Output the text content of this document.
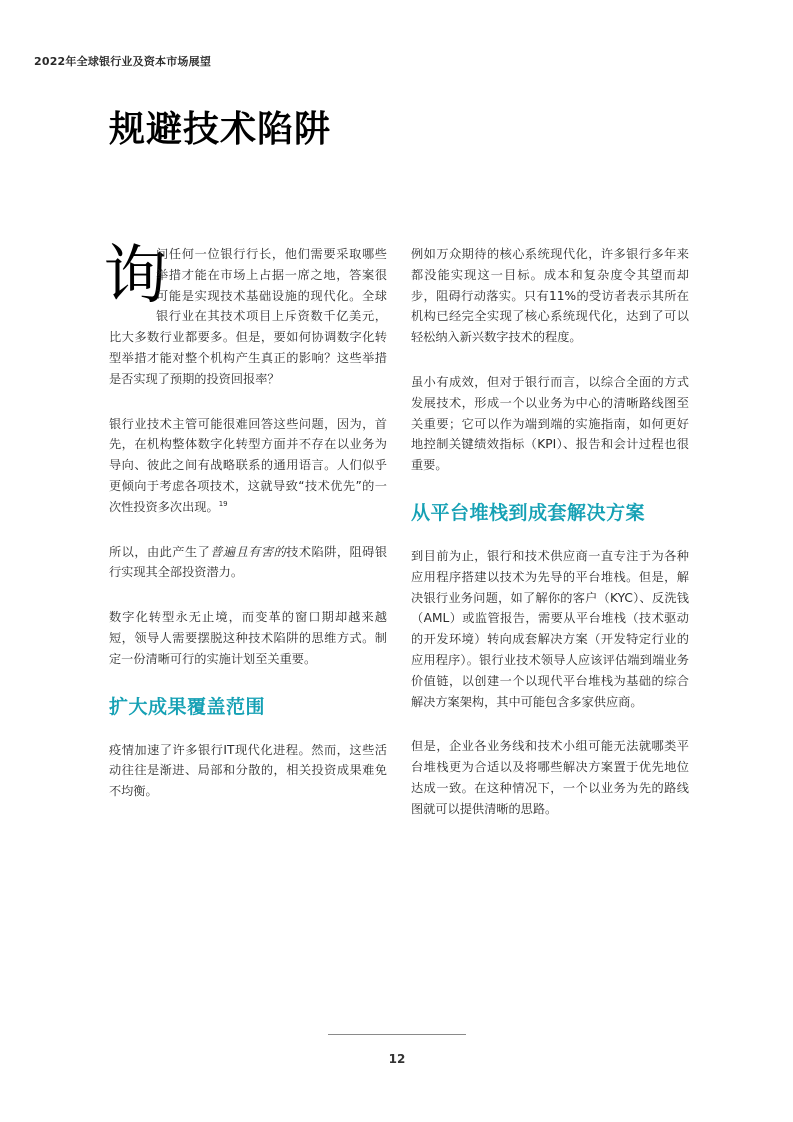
2022年全球银行业及资本市场展望
规避技术陷阱

询
问任何一位银行行长，他们需要采取哪些举措才能在市场上占据一席之地，答案很可能是实现技术基础设施的现代化。全球银行业在其技术项目上斥资数千亿美元，比大多数行业都要多。但是，要如何协调数字化转型举措才能对整个机构产生真正的影响？这些举措是否实现了预期的投资回报率？

银行业技术主管可能很难回答这些问题，因为，首先，在机构整体数字化转型方面并不存在以业务为导向、彼此之间有战略联系的通用语言。人们似乎更倾向于考虑各项技术，这就导致“技术优先”的一次性投资多次出现。$^{19}$

所以，由此产生了普遍且有害的技术陷阱，阻碍银行实现其全部投资潜力。

数字化转型永无止境，而变革的窗口期却越来越短，领导人需要摆脱这种技术陷阱的思维方式。制定一份清晰可行的实施计划至关重要。

扩大成果覆盖范围

疫情加速了许多银行IT现代化进程。然而，这些活动往往是渐进、局部和分散的，相关投资成果难免不均衡。

例如万众期待的核心系统现代化，许多银行多年来都没能实现这一目标。成本和复杂度令其望而却步，阻碍行动落实。只有11%的受访者表示其所在机构已经完全实现了核心系统现代化，达到了可以轻松纳入新兴数字技术的程度。

虽小有成效，但对于银行而言，以综合全面的方式发展技术，形成一个以业务为中心的清晰路线图至关重要；它可以作为端到端的实施指南，如何更好地控制关键绩效指标（KPI）、报告和会计过程也很重要。

从平台堆栈到成套解决方案

到目前为止，银行和技术供应商一直专注于为各种应用程序搭建以技术为先导的平台堆栈。但是，解决银行业务问题，如了解你的客户（KYC）、反洗钱（AML）或监管报告，需要从平台堆栈（技术驱动的开发环境）转向成套解决方案（开发特定行业的应用程序）。银行业技术领导人应该评估端到端业务价值链，以创建一个以现代平台堆栈为基础的综合解决方案架构，其中可能包含多家供应商。

但是，企业各业务线和技术小组可能无法就哪类平台堆栈更为合适以及将哪些解决方案置于优先地位达成一致。在这种情况下，一个以业务为先的路线图就可以提供清晰的思路。

12
